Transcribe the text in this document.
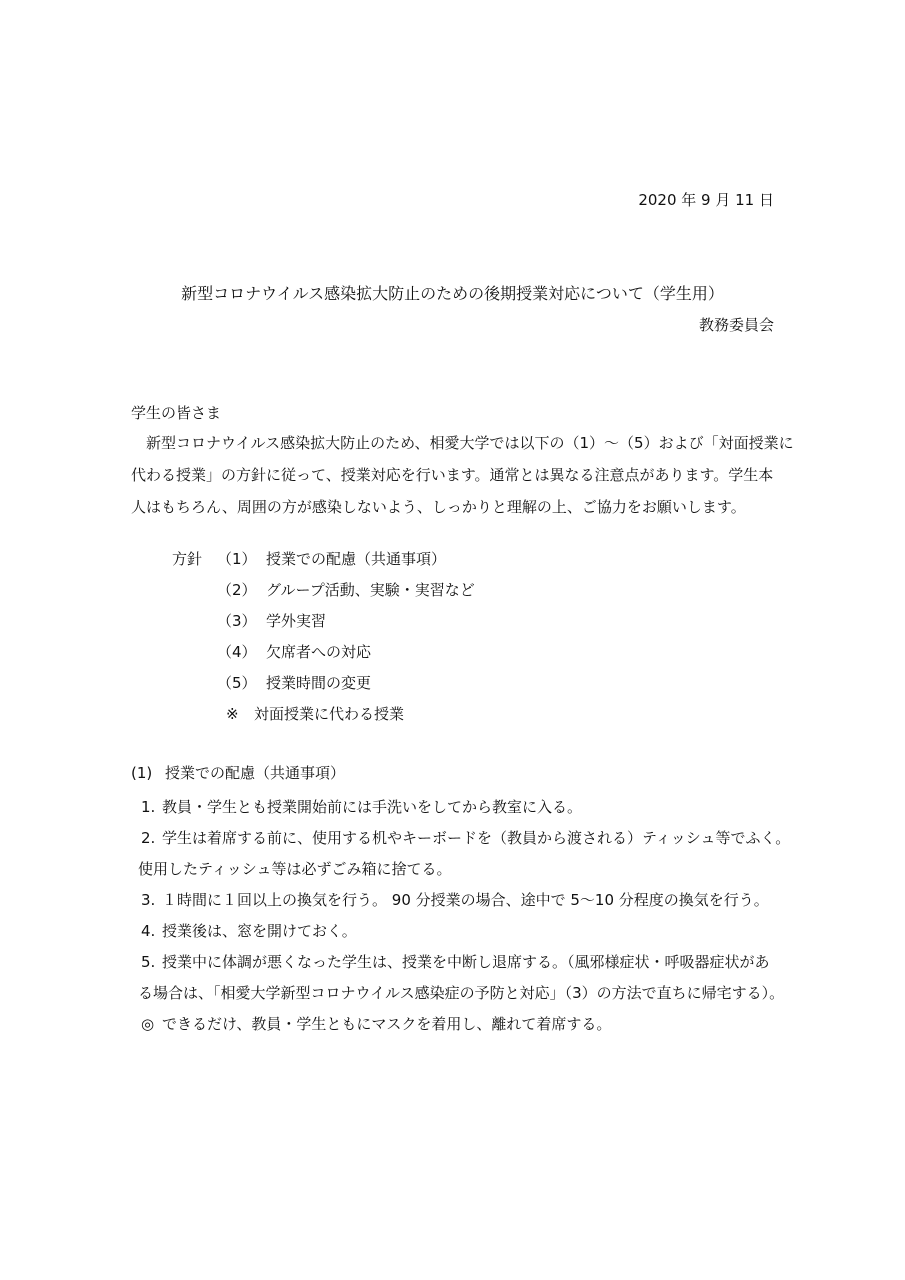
2020 年 9 月 11 日
新型コロナウイルス感染拡大防止のための後期授業対応について（学生用）
教務委員会
学生の皆さま
新型コロナウイルス感染拡大防止のため、相愛大学では以下の（1）～（5）および「対面授業に
代わる授業」の方針に従って、授業対応を行います。通常とは異なる注意点があります。学生本
人はもちろん、周囲の方が感染しないよう、しっかりと理解の上、ご協力をお願いします。
方針 （1） 授業での配慮（共通事項）
（2） グループ活動、実験・実習など
（3） 学外実習
（4） 欠席者への対応
（5） 授業時間の変更
※ 対面授業に代わる授業
(1) 授業での配慮（共通事項）
1. 教員・学生とも授業開始前には手洗いをしてから教室に入る。
2. 学生は着席する前に、使用する机やキーボードを（教員から渡される）ティッシュ等でふく。
使用したティッシュ等は必ずごみ箱に捨てる。
3. １時間に１回以上の換気を行う。 90 分授業の場合、途中で 5～10 分程度の換気を行う。
4. 授業後は、窓を開けておく。
5. 授業中に体調が悪くなった学生は、授業を中断し退席する。（風邪様症状・呼吸器症状があ
る場合は、「相愛大学新型コロナウイルス感染症の予防と対応」（3）の方法で直ちに帰宅する）。
◎ できるだけ、教員・学生ともにマスクを着用し、離れて着席する。
